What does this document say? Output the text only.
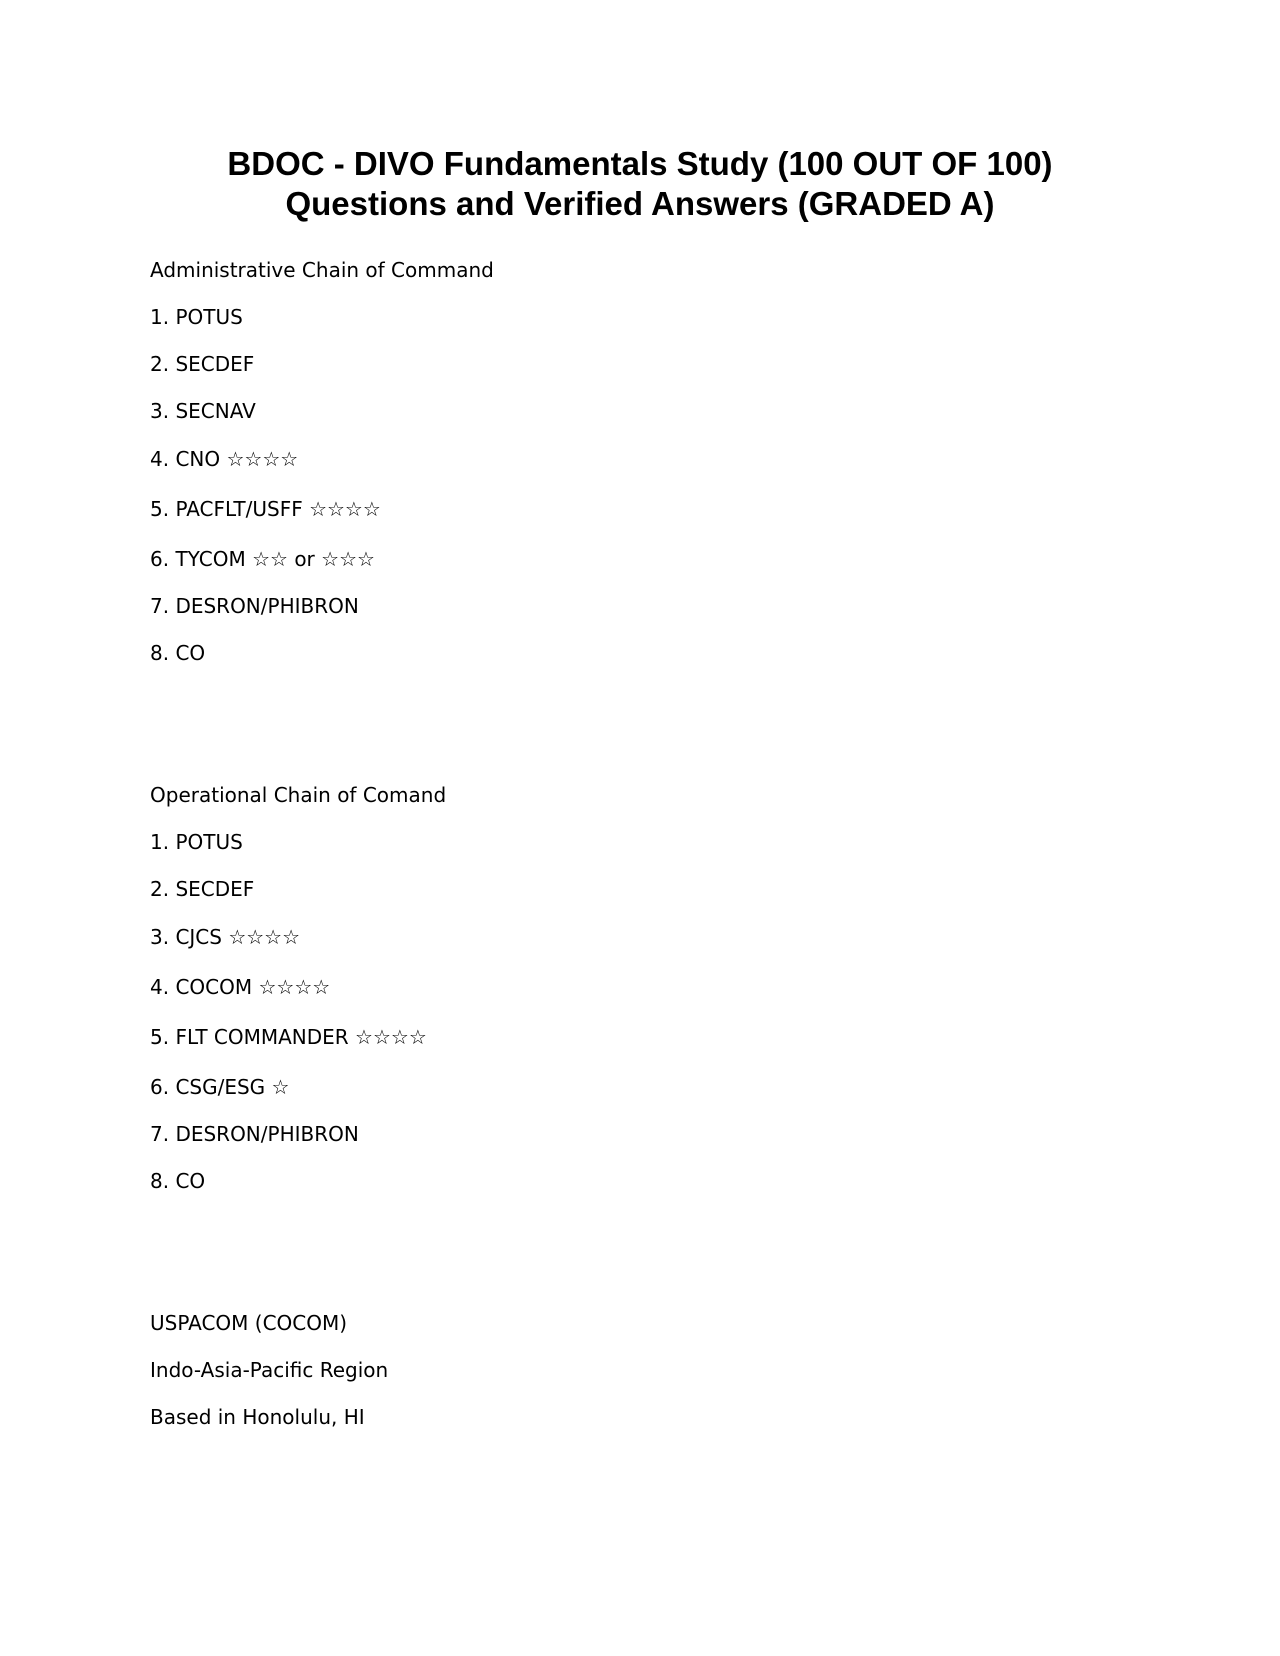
BDOC - DIVO Fundamentals Study (100 OUT OF 100)
Questions and Verified Answers (GRADED A)

Administrative Chain of Command

1. POTUS

2. SECDEF

3. SECNAV

4. CNO ☆☆☆☆

5. PACFLT/USFF ☆☆☆☆

6. TYCOM ☆☆ or ☆☆☆

7. DESRON/PHIBRON

8. CO

Operational Chain of Comand

1. POTUS

2. SECDEF

3. CJCS ☆☆☆☆

4. COCOM ☆☆☆☆

5. FLT COMMANDER ☆☆☆☆

6. CSG/ESG ☆

7. DESRON/PHIBRON

8. CO

USPACOM (COCOM)

Indo-Asia-Pacific Region

Based in Honolulu, HI
